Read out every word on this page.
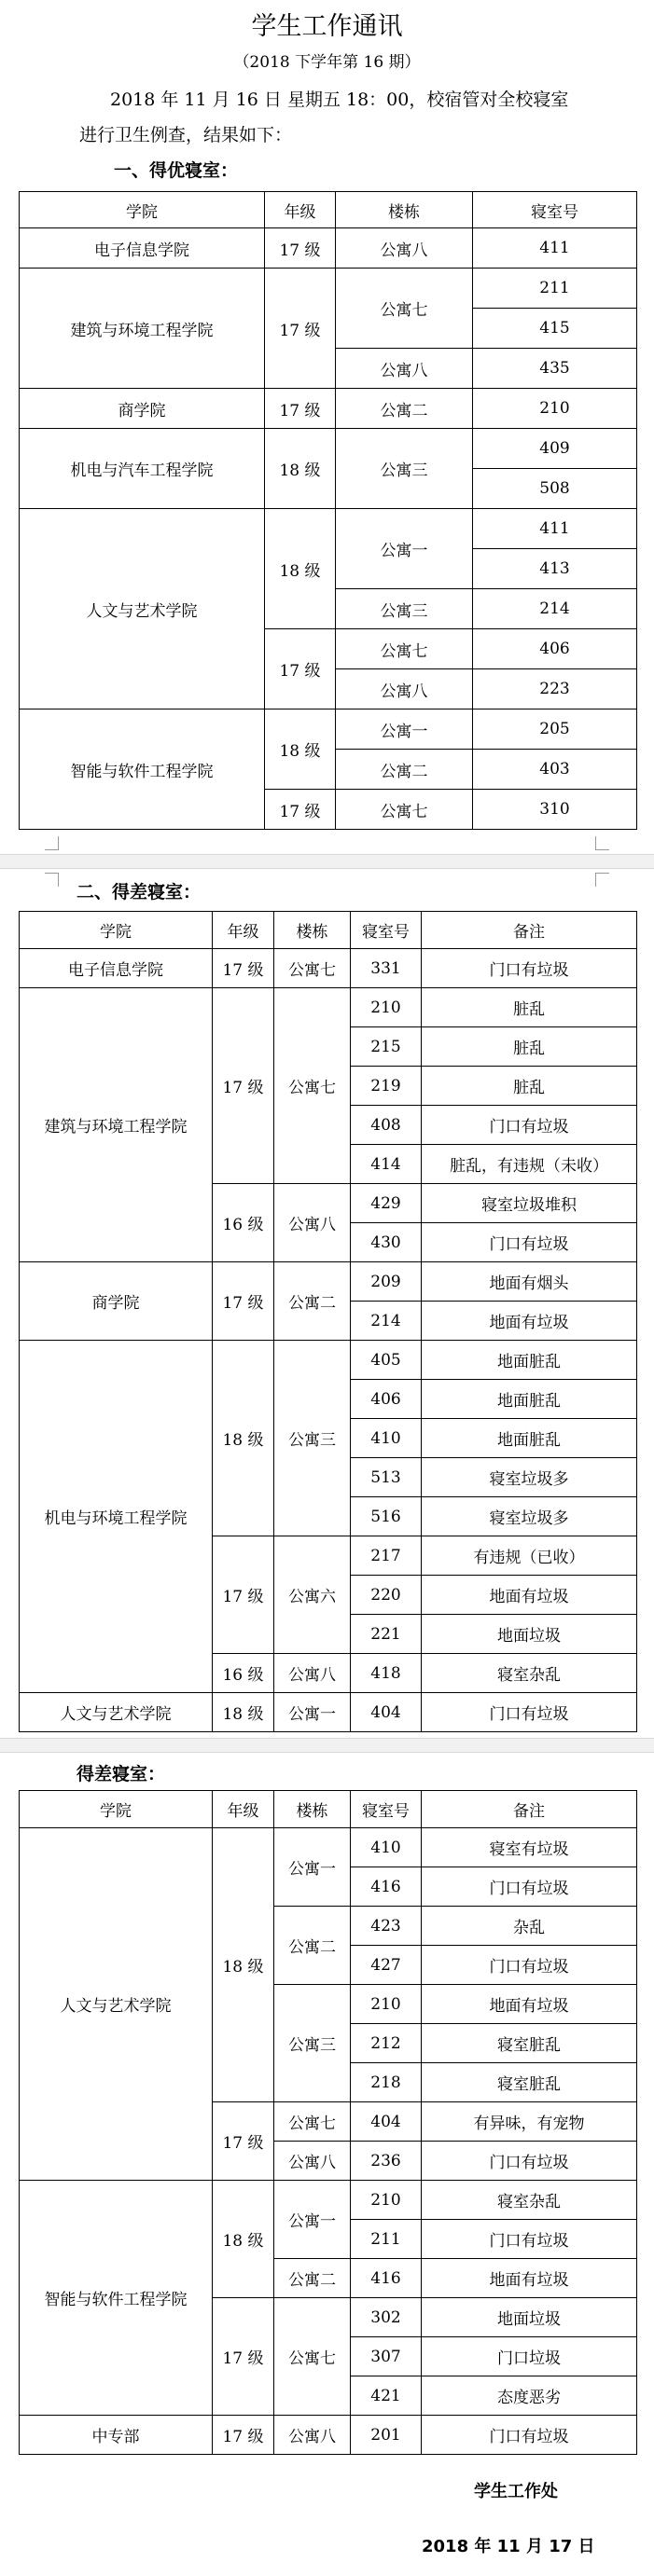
学生工作通讯
（2018 下学年第 16 期）
2018 年 11 月 16 日 星期五 18：00，校宿管对全校寝室
进行卫生例查，结果如下：
一、得优寝室：
学院	年级	楼栋	寝室号
电子信息学院	17 级	公寓八	411
建筑与环境工程学院	17 级	公寓七	211
			415
		公寓八	435
商学院	17 级	公寓二	210
机电与汽车工程学院	18 级	公寓三	409
			508
人文与艺术学院	18 级	公寓一	411
			413
		公寓三	214
	17 级	公寓七	406
		公寓八	223
智能与软件工程学院	18 级	公寓一	205
		公寓二	403
	17 级	公寓七	310
二、得差寝室：
学院	年级	楼栋	寝室号	备注
电子信息学院	17 级	公寓七	331	门口有垃圾
建筑与环境工程学院	17 级	公寓七	210	脏乱
			215	脏乱
			219	脏乱
			408	门口有垃圾
			414	脏乱，有违规（未收）
	16 级	公寓八	429	寝室垃圾堆积
			430	门口有垃圾
商学院	17 级	公寓二	209	地面有烟头
			214	地面有垃圾
机电与环境工程学院	18 级	公寓三	405	地面脏乱
			406	地面脏乱
			410	地面脏乱
			513	寝室垃圾多
			516	寝室垃圾多
	17 级	公寓六	217	有违规（已收）
			220	地面有垃圾
			221	地面垃圾
	16 级	公寓八	418	寝室杂乱
人文与艺术学院	18 级	公寓一	404	门口有垃圾
得差寝室：
学院	年级	楼栋	寝室号	备注
人文与艺术学院	18 级	公寓一	410	寝室有垃圾
			416	门口有垃圾
		公寓二	423	杂乱
			427	门口有垃圾
		公寓三	210	地面有垃圾
			212	寝室脏乱
			218	寝室脏乱
	17 级	公寓七	404	有异味，有宠物
		公寓八	236	门口有垃圾
智能与软件工程学院	18 级	公寓一	210	寝室杂乱
			211	门口有垃圾
		公寓二	416	地面有垃圾
	17 级	公寓七	302	地面垃圾
			307	门口垃圾
			421	态度恶劣
中专部	17 级	公寓八	201	门口有垃圾
学生工作处
2018 年 11 月 17 日
